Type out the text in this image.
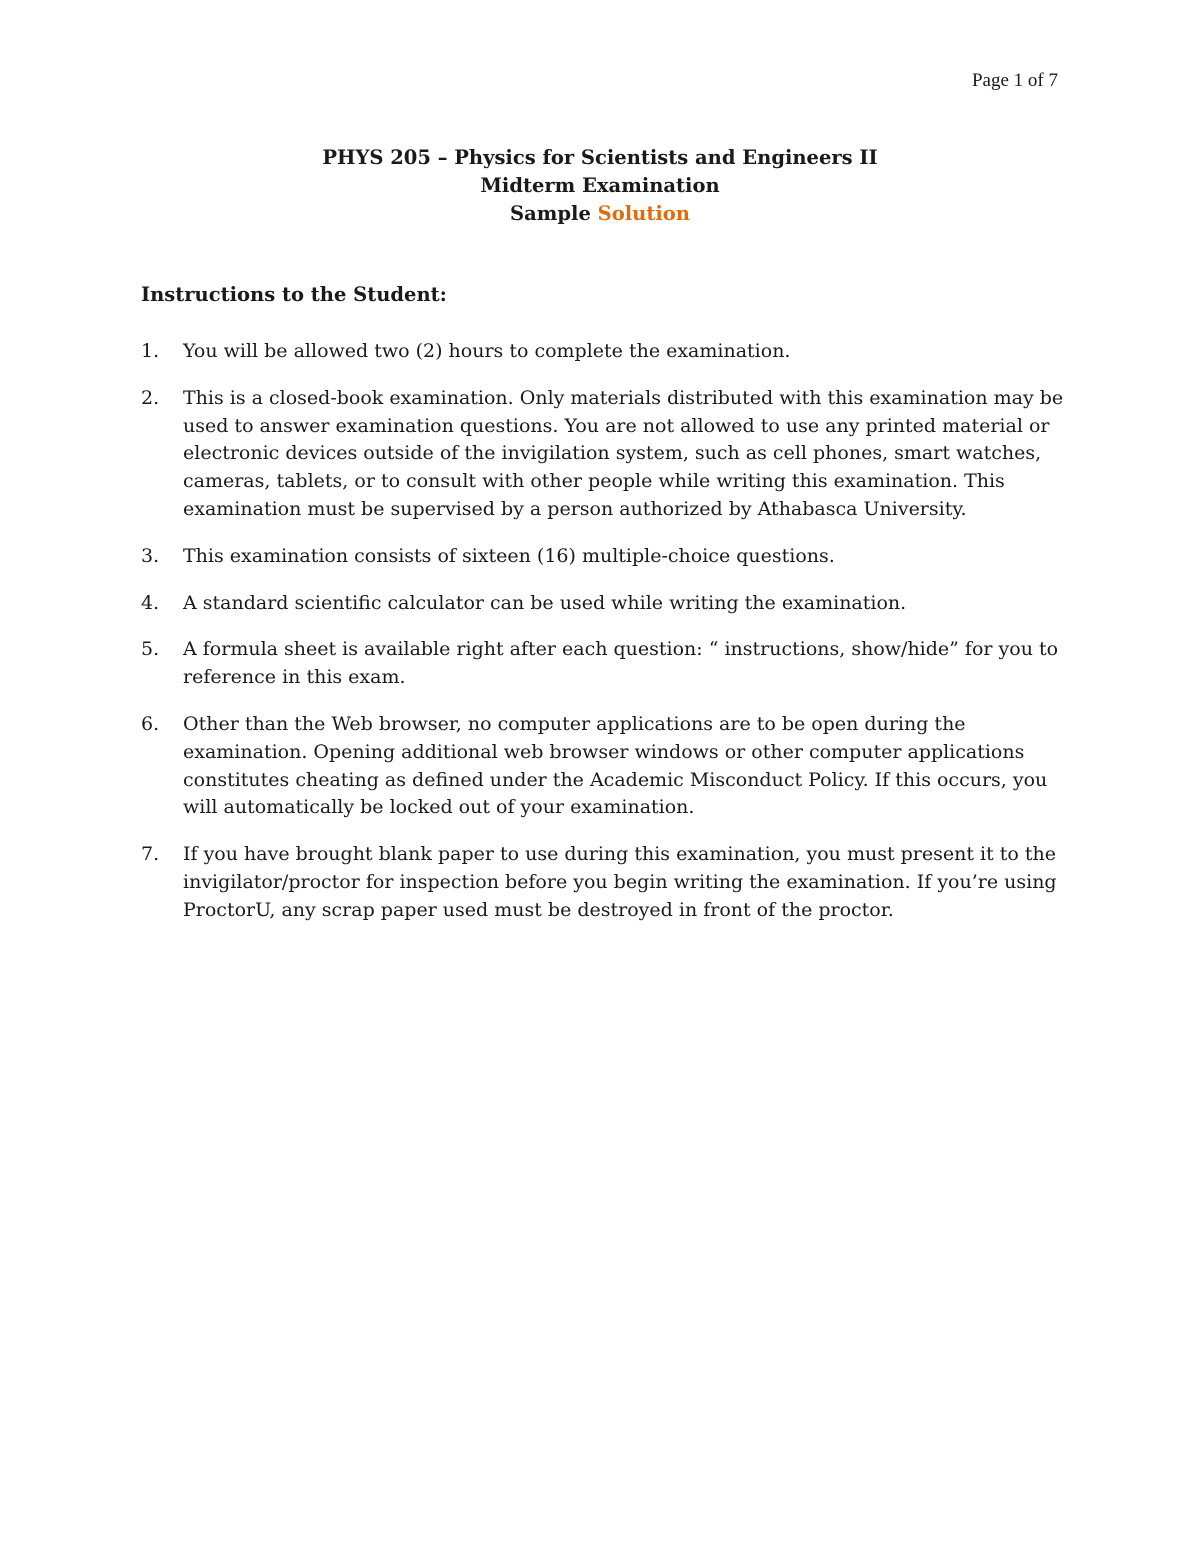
Page 1 of 7
PHYS 205 – Physics for Scientists and Engineers II
Midterm Examination
Sample Solution
Instructions to the Student:
1.	You will be allowed two (2) hours to complete the examination.
2.	This is a closed-book examination. Only materials distributed with this examination may be used to answer examination questions. You are not allowed to use any printed material or electronic devices outside of the invigilation system, such as cell phones, smart watches, cameras, tablets, or to consult with other people while writing this examination. This examination must be supervised by a person authorized by Athabasca University.
3.	This examination consists of sixteen (16) multiple-choice questions.
4.	A standard scientific calculator can be used while writing the examination.
5.	A formula sheet is available right after each question: “ instructions, show/hide” for you to reference in this exam.
6.	Other than the Web browser, no computer applications are to be open during the examination. Opening additional web browser windows or other computer applications constitutes cheating as defined under the Academic Misconduct Policy. If this occurs, you will automatically be locked out of your examination.
7.	If you have brought blank paper to use during this examination, you must present it to the invigilator/proctor for inspection before you begin writing the examination. If you’re using ProctorU, any scrap paper used must be destroyed in front of the proctor.
